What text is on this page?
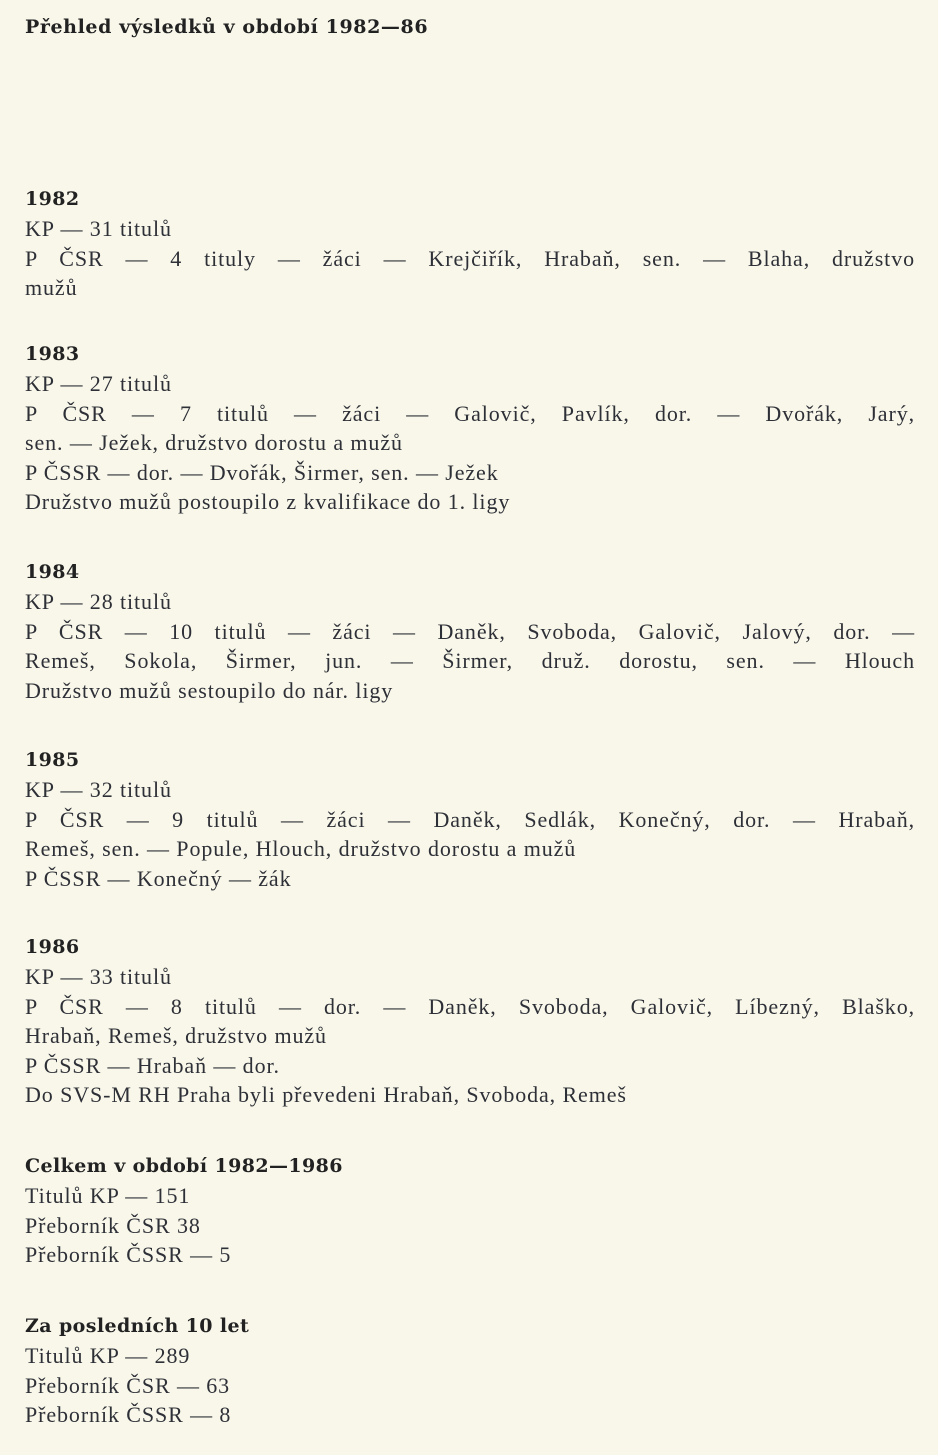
Přehled výsledků v období 1982—86
1982
KP — 31 titulů
P ČSR — 4 tituly — žáci — Krejčiřík, Hrabaň, sen. — Blaha, družstvo
mužů
1983
KP — 27 titulů
P ČSR — 7 titulů — žáci — Galovič, Pavlík, dor. — Dvořák, Jarý,
sen. — Ježek, družstvo dorostu a mužů
P ČSSR — dor. — Dvořák, Širmer, sen. — Ježek
Družstvo mužů postoupilo z kvalifikace do 1. ligy
1984
KP — 28 titulů
P ČSR — 10 titulů — žáci — Daněk, Svoboda, Galovič, Jalový, dor. —
Remeš, Sokola, Širmer, jun. — Širmer, druž. dorostu, sen. — Hlouch
Družstvo mužů sestoupilo do nár. ligy
1985
KP — 32 titulů
P ČSR — 9 titulů — žáci — Daněk, Sedlák, Konečný, dor. — Hrabaň,
Remeš, sen. — Popule, Hlouch, družstvo dorostu a mužů
P ČSSR — Konečný — žák
1986
KP — 33 titulů
P ČSR — 8 titulů — dor. — Daněk, Svoboda, Galovič, Líbezný, Blaško,
Hrabaň, Remeš, družstvo mužů
P ČSSR — Hrabaň — dor.
Do SVS-M RH Praha byli převedeni Hrabaň, Svoboda, Remeš
Celkem v období 1982—1986
Titulů KP — 151
Přeborník ČSR 38
Přeborník ČSSR — 5
Za posledních 10 let
Titulů KP — 289
Přeborník ČSR — 63
Přeborník ČSSR — 8
